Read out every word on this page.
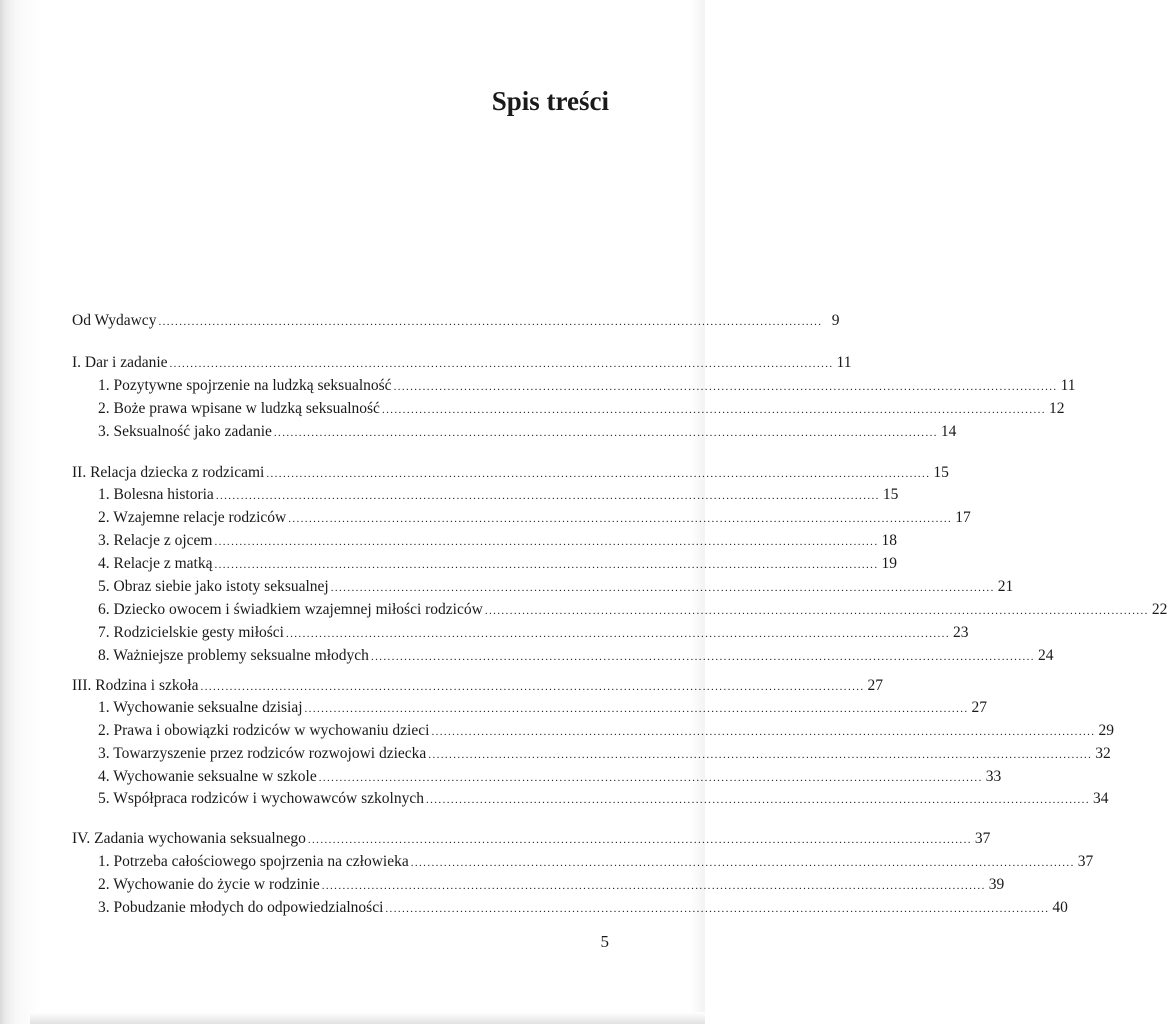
Spis treści
Od Wydawcy ................................................................................................................................................................ 9
I. Dar i zadanie ................................................................................................................................................................ 11
1. Pozytywne spojrzenie na ludzką seksualność ................................................................................................................................................................ 11
2. Boże prawa wpisane w ludzką seksualność ................................................................................................................................................................ 12
3. Seksualność jako zadanie ................................................................................................................................................................ 14
II. Relacja dziecka z rodzicami ................................................................................................................................................................ 15
1. Bolesna historia ................................................................................................................................................................ 15
2. Wzajemne relacje rodziców ................................................................................................................................................................ 17
3. Relacje z ojcem ................................................................................................................................................................ 18
4. Relacje z matką ................................................................................................................................................................ 19
5. Obraz siebie jako istoty seksualnej ................................................................................................................................................................ 21
6. Dziecko owocem i świadkiem wzajemnej miłości rodziców ................................................................................................................................................................ 22
7. Rodzicielskie gesty miłości ................................................................................................................................................................ 23
8. Ważniejsze problemy seksualne młodych ................................................................................................................................................................ 24
III. Rodzina i szkoła ................................................................................................................................................................ 27
1. Wychowanie seksualne dzisiaj ................................................................................................................................................................ 27
2. Prawa i obowiązki rodziców w wychowaniu dzieci ................................................................................................................................................................ 29
3. Towarzyszenie przez rodziców rozwojowi dziecka ................................................................................................................................................................ 32
4. Wychowanie seksualne w szkole ................................................................................................................................................................ 33
5. Współpraca rodziców i wychowawców szkolnych ................................................................................................................................................................ 34
IV. Zadania wychowania seksualnego ................................................................................................................................................................ 37
1. Potrzeba całościowego spojrzenia na człowieka ................................................................................................................................................................ 37
2. Wychowanie do życie w rodzinie ................................................................................................................................................................ 39
3. Pobudzanie młodych do odpowiedzialności ................................................................................................................................................................ 40
5
